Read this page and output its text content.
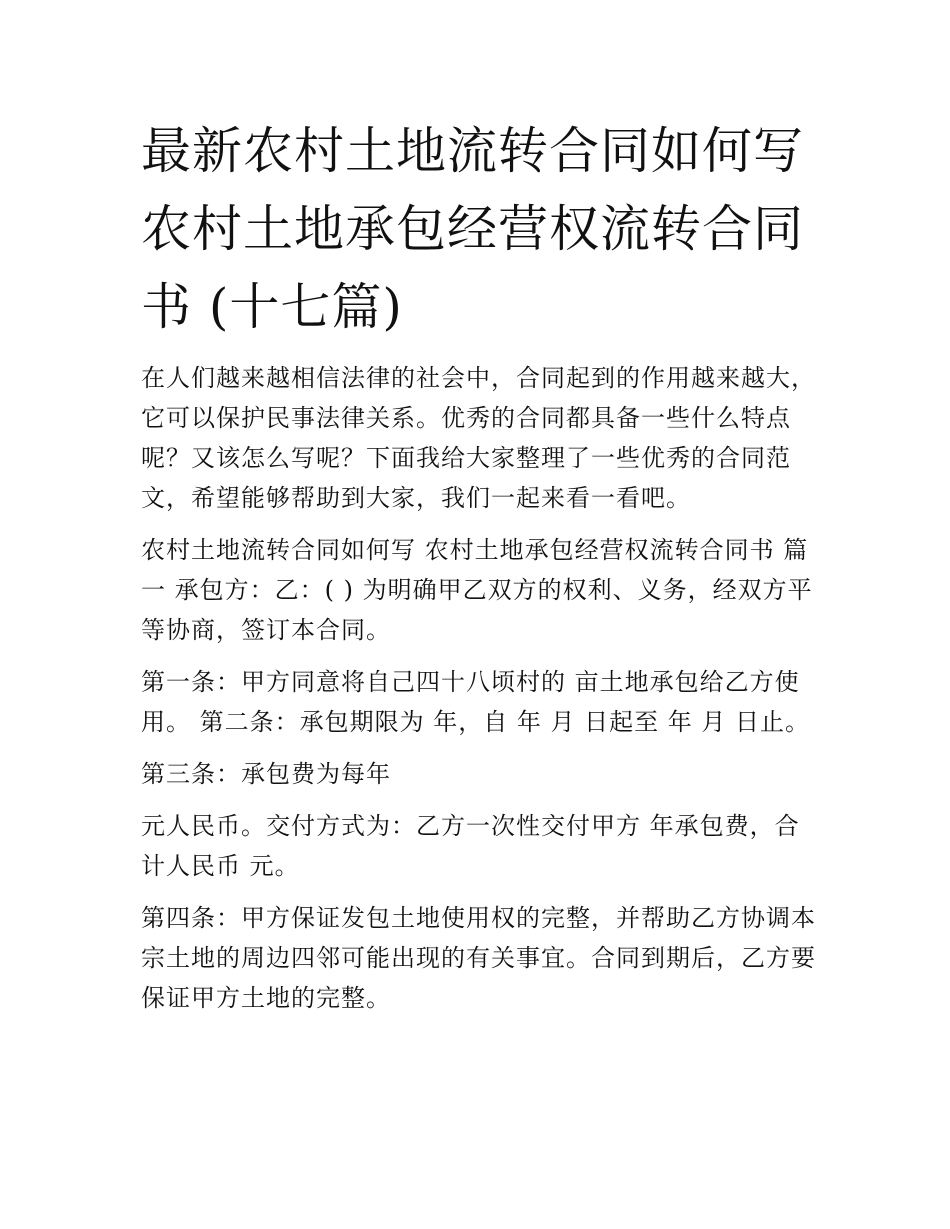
最新农村土地流转合同如何写
农村土地承包经营权流转合同
书 (十七篇)

在人们越来越相信法律的社会中，合同起到的作用越来越大，
它可以保护民事法律关系。优秀的合同都具备一些什么特点
呢？又该怎么写呢？下面我给大家整理了一些优秀的合同范
文，希望能够帮助到大家，我们一起来看一看吧。

农村土地流转合同如何写 农村土地承包经营权流转合同书 篇
一 承包方：乙：( ) 为明确甲乙双方的权利、义务，经双方平
等协商，签订本合同。

第一条：甲方同意将自己四十八顷村的 亩土地承包给乙方使
用。 第二条：承包期限为 年，自 年 月 日起至 年 月 日止。

第三条：承包费为每年

元人民币。交付方式为：乙方一次性交付甲方 年承包费，合
计人民币 元。

第四条：甲方保证发包土地使用权的完整，并帮助乙方协调本
宗土地的周边四邻可能出现的有关事宜。合同到期后，乙方要
保证甲方土地的完整。
